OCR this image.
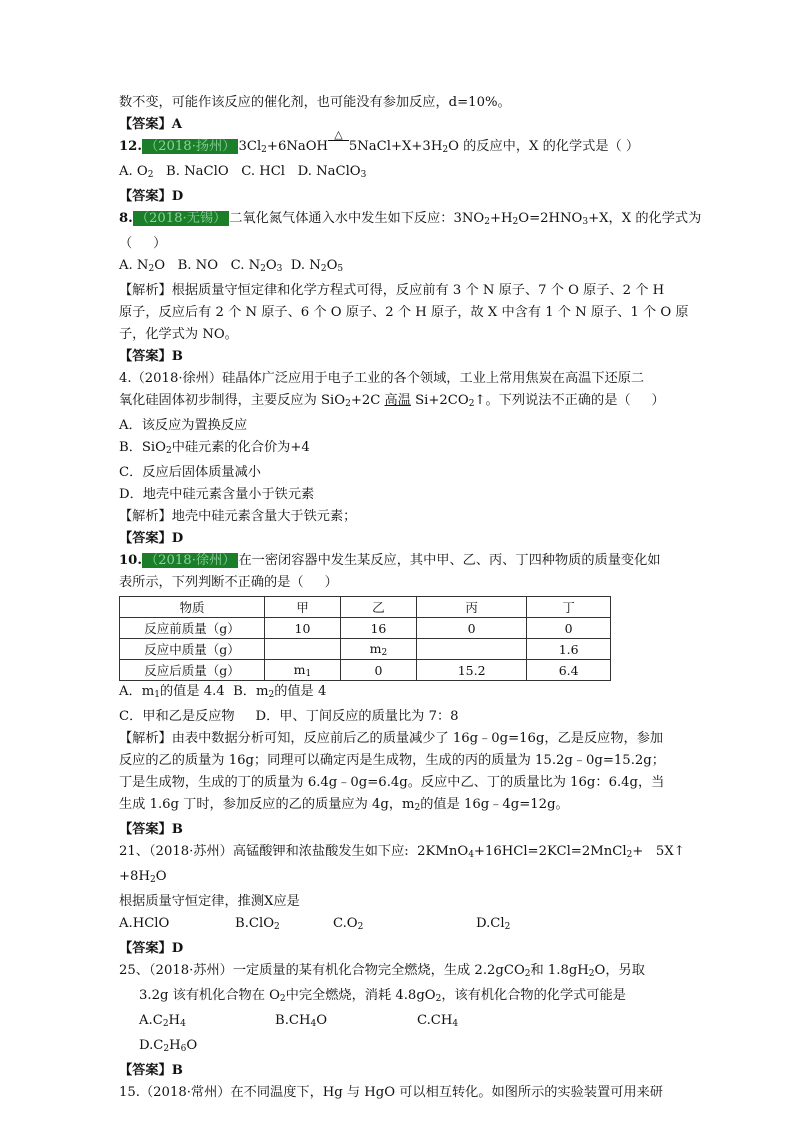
数不变，可能作该反应的催化剂，也可能没有参加反应，d=10%。
【答案】A
12. （2018·扬州） $3Cl_2+6NaOH$ △ $5NaCl+X+3H_2O$ 的反应中，X 的化学式是（ ）
A. $O_2$   B. NaClO   C. HCl   D. NaClO$_3$
【答案】D
8. （2018·无锡） 二氧化氮气体通入水中发生如下反应：$3NO_2+H_2O=2HNO_3+X$，X 的化学式为
（     ）
A. $N_2O$   B. NO   C. $N_2O_3$  D. $N_2O_5$
【解析】根据质量守恒定律和化学方程式可得，反应前有 3 个 N 原子、7 个 O 原子、2 个 H
原子，反应后有 2 个 N 原子、6 个 O 原子、2 个 H 原子，故 X 中含有 1 个 N 原子、1 个 O 原
子，化学式为 NO。
【答案】B
4.（2018·徐州）硅晶体广泛应用于电子工业的各个领域，工业上常用焦炭在高温下还原二
氧化硅固体初步制得，主要反应为 SiO$_2$+2C 高温 $Si+2CO_2↑$。下列说法不正确的是（     ）
A．该反应为置换反应
B．SiO$_2$中硅元素的化合价为+4
C．反应后固体质量减小
D．地壳中硅元素含量小于铁元素
【解析】地壳中硅元素含量大于铁元素；
【答案】D
10. （2018·徐州） 在一密闭容器中发生某反应，其中甲、乙、丙、丁四种物质的质量变化如
表所示，下列判断不正确的是（     ）
物质	甲	乙	丙	丁
反应前质量（g）	10	16	0	0
反应中质量（g）		$m_2$		1.6
反应后质量（g）	$m_1$	0	15.2	6.4
A．$m_1$的值是 4.4  B．$m_2$的值是 4
C．甲和乙是反应物     D．甲、丁间反应的质量比为 7：8
【解析】由表中数据分析可知，反应前后乙的质量减少了 16g﹣0g=16g，乙是反应物，参加
反应的乙的质量为 16g；同理可以确定丙是生成物，生成的丙的质量为 15.2g﹣0g=15.2g；
丁是生成物，生成的丁的质量为 6.4g﹣0g=6.4g。反应中乙、丁的质量比为 16g：6.4g，当
生成 1.6g 丁时，参加反应的乙的质量应为 4g，$m_2$的值是 16g﹣4g=12g。
【答案】B
21、（2018·苏州）高锰酸钾和浓盐酸发生如下应:  2KMnO$_4$+16HCl=2KCl=2MnCl$_2$+   5X↑
$+8H_2O$
根据质量守恒定律，推测X应是
A.HClO	B.ClO$_2$	$C.O_2$	$D.Cl_2$
【答案】D
25、（2018·苏州）一定质量的某有机化合物完全燃烧，生成 2.2gCO$_2$和 $1.8gH_2O$，另取
3.2g 该有机化合物在 $O_2$中完全燃烧，消耗 $4.8gO_2$，该有机化合物的化学式可能是
$A.C_2H_4$	$B.CH_4O$	$C.CH_4$
$D.C_2H_6O$
【答案】B
15.（2018·常州）在不同温度下，Hg 与 HgO 可以相互转化。如图所示的实验装置可用来研
